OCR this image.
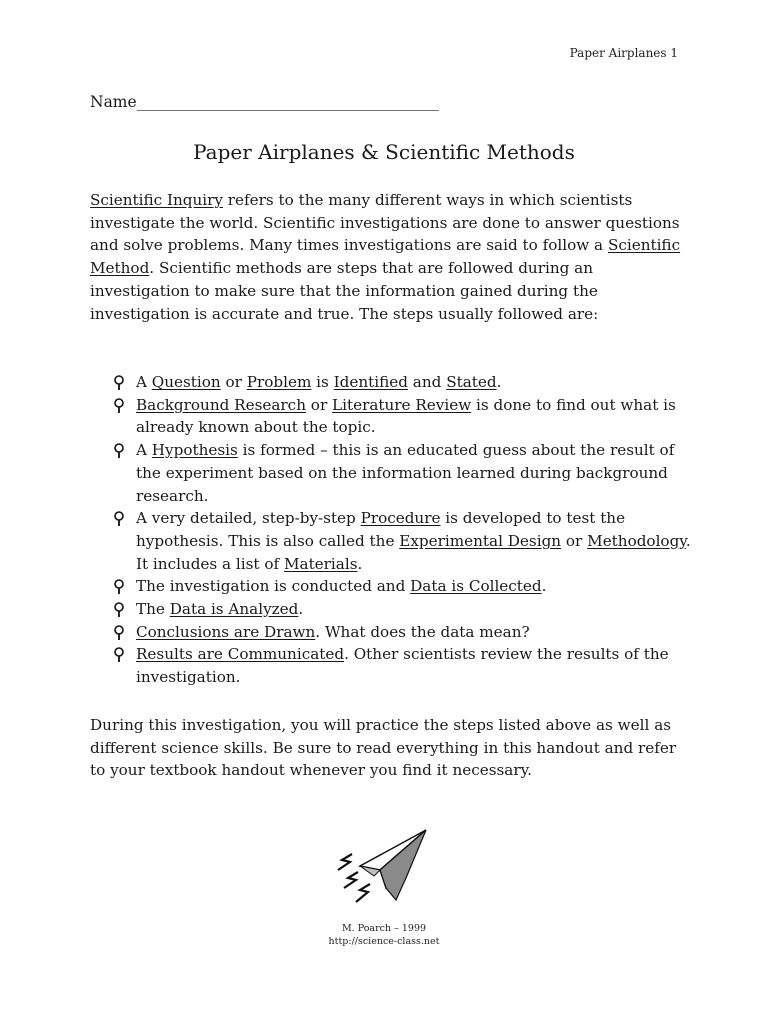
Paper Airplanes 1
Name_______________________________________
Paper Airplanes & Scientific Methods
Scientific Inquiry refers to the many different ways in which scientists investigate the world. Scientific investigations are done to answer questions and solve problems. Many times investigations are said to follow a Scientific Method. Scientific methods are steps that are followed during an investigation to make sure that the information gained during the investigation is accurate and true. The steps usually followed are:
A Question or Problem is Identified and Stated.
Background Research or Literature Review is done to find out what is already known about the topic.
A Hypothesis is formed – this is an educated guess about the result of the experiment based on the information learned during background research.
A very detailed, step-by-step Procedure is developed to test the hypothesis. This is also called the Experimental Design or Methodology. It includes a list of Materials.
The investigation is conducted and Data is Collected.
The Data is Analyzed.
Conclusions are Drawn. What does the data mean?
Results are Communicated. Other scientists review the results of the investigation.
During this investigation, you will practice the steps listed above as well as different science skills. Be sure to read everything in this handout and refer to your textbook handout whenever you find it necessary.
M. Poarch – 1999
http://science-class.net
